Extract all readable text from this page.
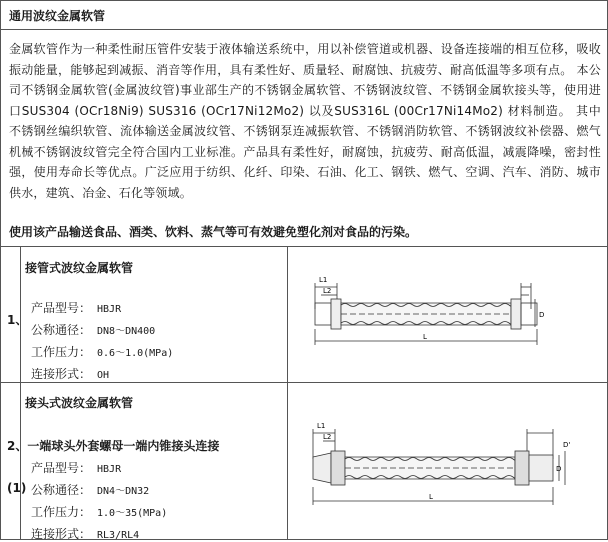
通用波纹金属软管
金属软管作为一种柔性耐压管件安装于液体输送系统中，用以补偿管道或机器、设备连接端的相互位移，吸收振动能量，能够起到减振、消音等作用，具有柔性好、质量轻、耐腐蚀、抗疲劳、耐高低温等多项有点。 本公司不锈钢金属软管(金属波纹管)事业部生产的不锈钢金属软管、不锈钢波纹管、不锈钢金属软接头等，使用进口SUS304 (OCr18Ni9) SUS316 (OCr17Ni12Mo2) 以及SUS316L (00Cr17Ni14Mo2) 材料制造。 其中不锈钢丝编织软管、流体输送金属波纹管、不锈钢泵连减振软管、不锈钢消防软管、不锈钢波纹补偿器、燃气机械不锈钢波纹管完全符合国内工业标准。产品具有柔性好，耐腐蚀，抗疲劳、耐高低温，减震降噪，密封性强，使用寿命长等优点。广泛应用于纺织、化纤、印染、石油、化工、钢铁、燃气、空调、汽车、消防、城市供水，建筑、冶金、石化等领域。
使用该产品输送食品、酒类、饮料、蒸气等可有效避免塑化剂对食品的污染。
接管式波纹金属软管
1、
产品型号： HBJR
公称通径： DN8～DN400
工作压力： 0.6～1.0(MPa)
连接形式： OH
L1
L2
D
L
接头式波纹金属软管
2、一端球头外套螺母一端内锥接头连接
(1)
产品型号： HBJR
公称通径： DN4～DN32
工作压力： 1.0～35(MPa)
连接形式： RL3/RL4
L1
L2
D
D'
L
